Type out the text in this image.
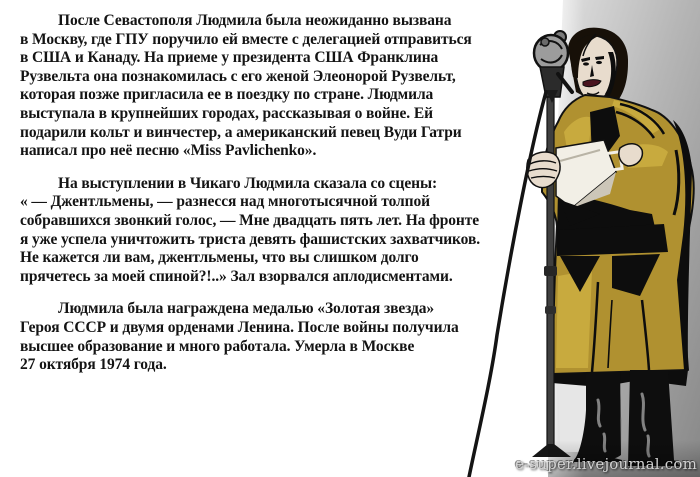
После Севастополя Людмила была неожиданно вызвана
в Москву, где ГПУ поручило ей вместе с делегацией отправиться
в США и Канаду. На приеме у президента США Франклина
Рузвельта она познакомилась с его женой Элеонорой Рузвельт,
которая позже пригласила ее в поездку по стране. Людмила
выступала в крупнейших городах, рассказывая о войне. Ей
подарили кольт и винчестер, а американский певец Вуди Гатри
написал про неё песню «Miss Pavlichenko».
На выступлении в Чикаго Людмила сказала со сцены:
« — Джентльмены, — разнесся над многотысячной толпой
собравшихся звонкий голос, — Мне двадцать пять лет. На фронте
я уже успела уничтожить триста девять фашистских захватчиков.
Не кажется ли вам, джентльмены, что вы слишком долго
прячетесь за моей спиной?!..» Зал взорвался аплодисментами.
Людмила была награждена медалью «Золотая звезда»
Героя СССР и двумя орденами Ленина. После войны получила
высшее образование и много работала. Умерла в Москве
27 октября 1974 года.
e-super.livejournal.com
